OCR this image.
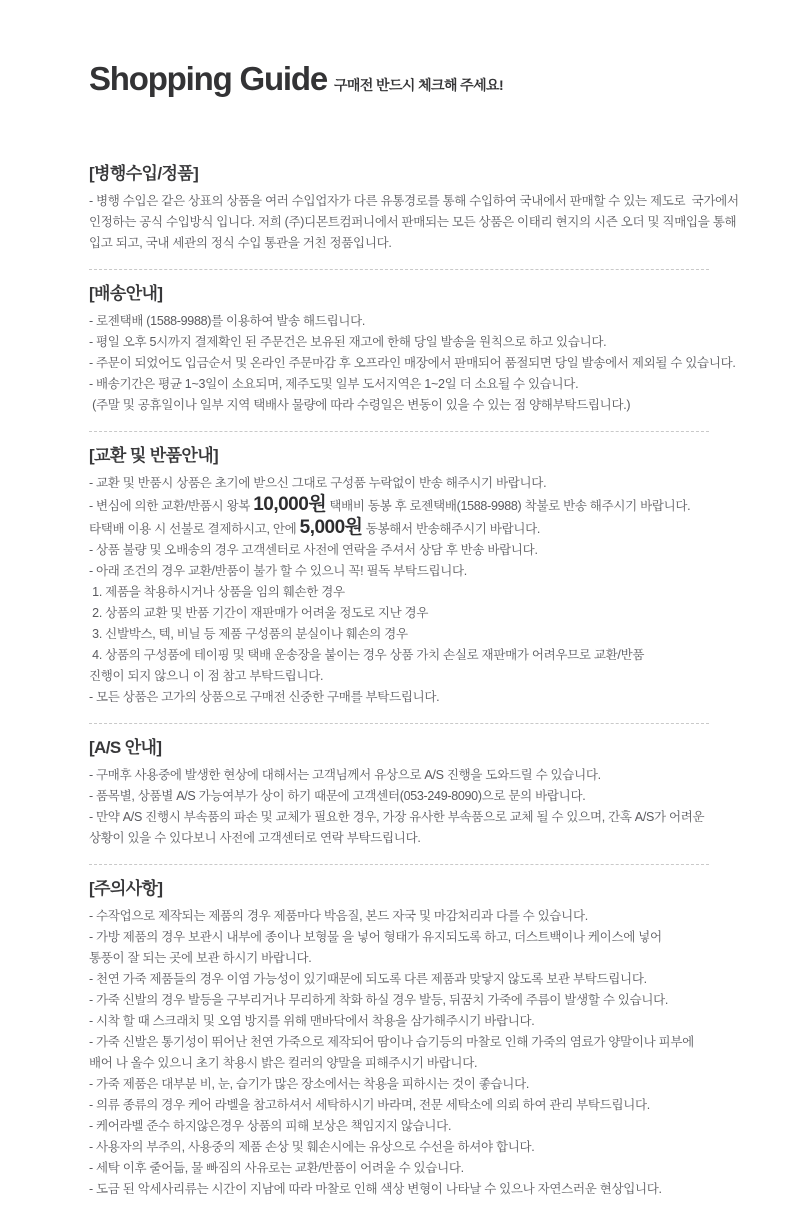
Shopping Guide 구매전 반드시 체크해 주세요!
[병행수입/정품]

- 병행 수입은 같은 상표의 상품을 여러 수입업자가 다른 유통경로를 통해 수입하여 국내에서 판매할 수 있는 제도로  국가에서

인정하는 공식 수입방식 입니다. 저희 (주)디몬트컴퍼니에서 판매되는 모든 상품은 이태리 현지의 시즌 오더 및 직매입을 통해

입고 되고, 국내 세관의 정식 수입 통관을 거친 정품입니다.

[배송안내]

- 로젠택배 (1588-9988)를 이용하여 발송 해드립니다.

- 평일 오후 5시까지 결제확인 된 주문건은 보유된 재고에 한해 당일 발송을 원칙으로 하고 있습니다.

- 주문이 되었어도 입금순서 및 온라인 주문마감 후 오프라인 매장에서 판매되어 품절되면 당일 발송에서 제외될 수 있습니다.

- 배송기간은 평균 1~3일이 소요되며, 제주도및 일부 도서지역은 1~2일 더 소요될 수 있습니다.

(주말 및 공휴일이나 일부 지역 택배사 물량에 따라 수령일은 변동이 있을 수 있는 점 양해부탁드립니다.)

[교환 및 반품안내]

- 교환 및 반품시 상품은 초기에 받으신 그대로 구성품 누락없이 반송 해주시기 바랍니다.

- 변심에 의한 교환/반품시 왕복 10,000원 택배비 동봉 후 로젠택배(1588-9988) 착불로 반송 해주시기 바랍니다.

타택배 이용 시 선불로 결제하시고, 안에 5,000원 동봉해서 반송해주시기 바랍니다.

- 상품 불량 및 오배송의 경우 고객센터로 사전에 연락을 주셔서 상담 후 반송 바랍니다.

- 아래 조건의 경우 교환/반품이 불가 할 수 있으니 꼭! 필독 부탁드립니다.

1. 제품을 착용하시거나 상품을 임의 훼손한 경우

2. 상품의 교환 및 반품 기간이 재판매가 어려울 정도로 지난 경우

3. 신발박스, 텍, 비닐 등 제품 구성품의 분실이나 훼손의 경우

4. 상품의 구성품에 테이핑 및 택배 운송장을 붙이는 경우 상품 가치 손실로 재판매가 어려우므로 교환/반품

진행이 되지 않으니 이 점 참고 부탁드립니다.

- 모든 상품은 고가의 상품으로 구매전 신중한 구매를 부탁드립니다.

[A/S 안내]

- 구매후 사용중에 발생한 현상에 대해서는 고객님께서 유상으로 A/S 진행을 도와드릴 수 있습니다.

- 품목별, 상품별 A/S 가능여부가 상이 하기 때문에 고객센터(053-249-8090)으로 문의 바랍니다.

- 만약 A/S 진행시 부속품의 파손 및 교체가 필요한 경우, 가장 유사한 부속품으로 교체 될 수 있으며, 간혹 A/S가 어려운

상황이 있을 수 있다보니 사전에 고객센터로 연락 부탁드립니다.

[주의사항]

- 수작업으로 제작되는 제품의 경우 제품마다 박음질, 본드 자국 및 마감처리과 다를 수 있습니다.

- 가방 제품의 경우 보관시 내부에 종이나 보형물 을 넣어 형태가 유지되도록 하고, 더스트백이나 케이스에 넣어

통풍이 잘 되는 곳에 보관 하시기 바랍니다.

- 천연 가죽 제품들의 경우 이염 가능성이 있기때문에 되도록 다른 제품과 맞닿지 않도록 보관 부탁드립니다.

- 가죽 신발의 경우 발등을 구부리거나 무리하게 착화 하실 경우 발등, 뒤꿈치 가죽에 주름이 발생할 수 있습니다.

- 시착 할 때 스크래치 및 오염 방지를 위해 맨바닥에서 착용을 삼가해주시기 바랍니다.

- 가죽 신발은 통기성이 뛰어난 천연 가죽으로 제작되어 땀이나 습기등의 마찰로 인해 가죽의 염료가 양말이나 피부에

배어 나 올수 있으니 초기 착용시 밝은 컬러의 양말을 피해주시기 바랍니다.

- 가죽 제품은 대부분 비, 눈, 습기가 많은 장소에서는 착용을 피하시는 것이 좋습니다.

- 의류 종류의 경우 케어 라벨을 참고하셔서 세탁하시기 바라며, 전문 세탁소에 의뢰 하여 관리 부탁드립니다.

- 케어라벨 준수 하지않은경우 상품의 피해 보상은 책임지지 않습니다.

- 사용자의 부주의, 사용중의 제품 손상 및 훼손시에는 유상으로 수선을 하셔야 합니다.

- 세탁 이후 줄어듦, 물 빠짐의 사유로는 교환/반품이 어려울 수 있습니다.

- 도금 된 악세사리류는 시간이 지남에 따라 마찰로 인해 색상 변형이 나타날 수 있으나 자연스러운 현상입니다.
